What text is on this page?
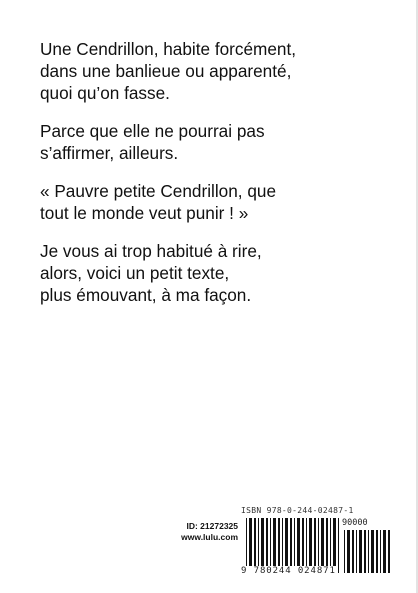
Une Cendrillon, habite forcément,
dans une banlieue ou apparenté,
quoi qu’on fasse.

Parce que elle ne pourrai pas
s’affirmer, ailleurs.

« Pauvre petite Cendrillon, que
tout le monde veut punir ! »

Je vous ai trop habitué à rire,
alors, voici un petit texte,
plus émouvant, à ma façon.

ID: 21272325
www.lulu.com
ISBN 978-0-244-02487-1
90000
9 780244 024871
